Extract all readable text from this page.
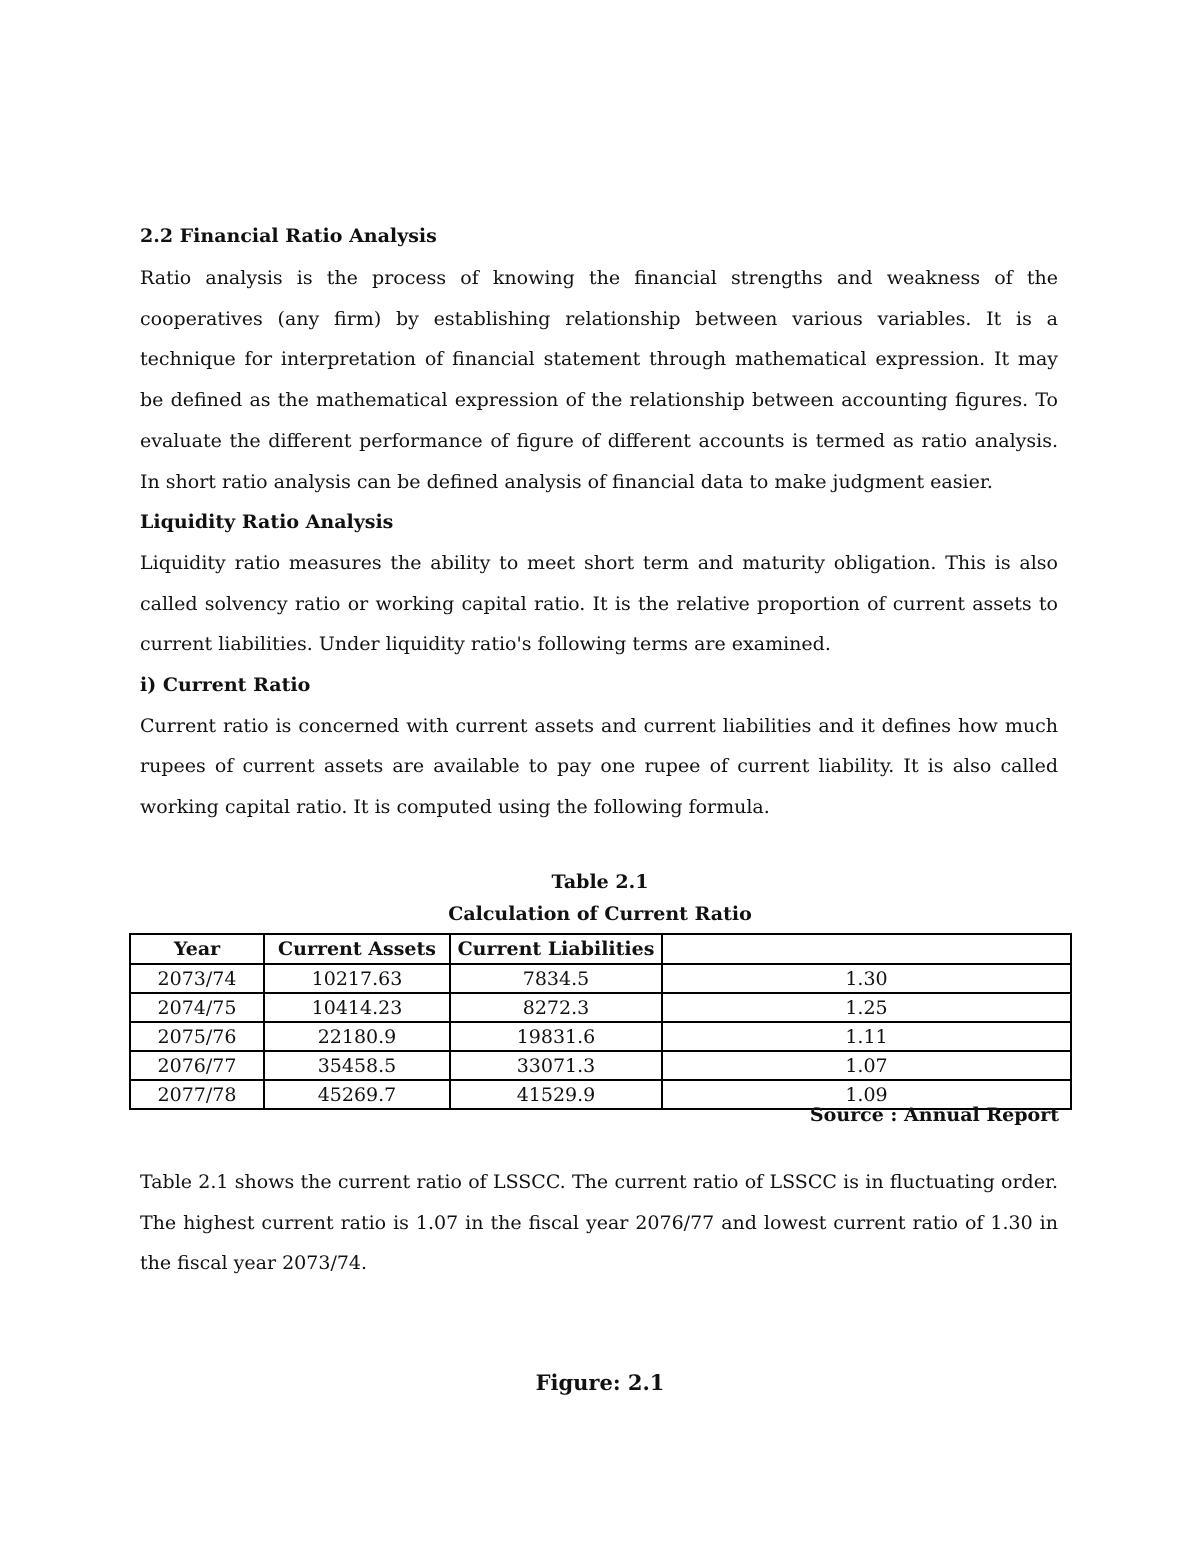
2.2 Financial Ratio Analysis

Ratio analysis is the process of knowing the financial strengths and weakness of the cooperatives (any firm) by establishing relationship between various variables. It is a technique for interpretation of financial statement through mathematical expression. It may be defined as the mathematical expression of the relationship between accounting figures. To evaluate the different performance of figure of different accounts is termed as ratio analysis. In short ratio analysis can be defined analysis of financial data to make judgment easier.

Liquidity Ratio Analysis

Liquidity ratio measures the ability to meet short term and maturity obligation. This is also called solvency ratio or working capital ratio. It is the relative proportion of current assets to current liabilities. Under liquidity ratio's following terms are examined.

i) Current Ratio

Current ratio is concerned with current assets and current liabilities and it defines how much rupees of current assets are available to pay one rupee of current liability. It is also called working capital ratio. It is computed using the following formula.

Table 2.1
Calculation of Current Ratio
Year	Current Assets	Current Liabilities	
2073/74	10217.63	7834.5	1.30
2074/75	10414.23	8272.3	1.25
2075/76	22180.9	19831.6	1.11
2076/77	35458.5	33071.3	1.07
2077/78	45269.7	41529.9	1.09
Source : Annual Report

Table 2.1 shows the current ratio of LSSCC. The current ratio of LSSCC is in fluctuating order. The highest current ratio is 1.07 in the fiscal year 2076/77 and lowest current ratio of 1.30 in the fiscal year 2073/74.

Figure: 2.1
